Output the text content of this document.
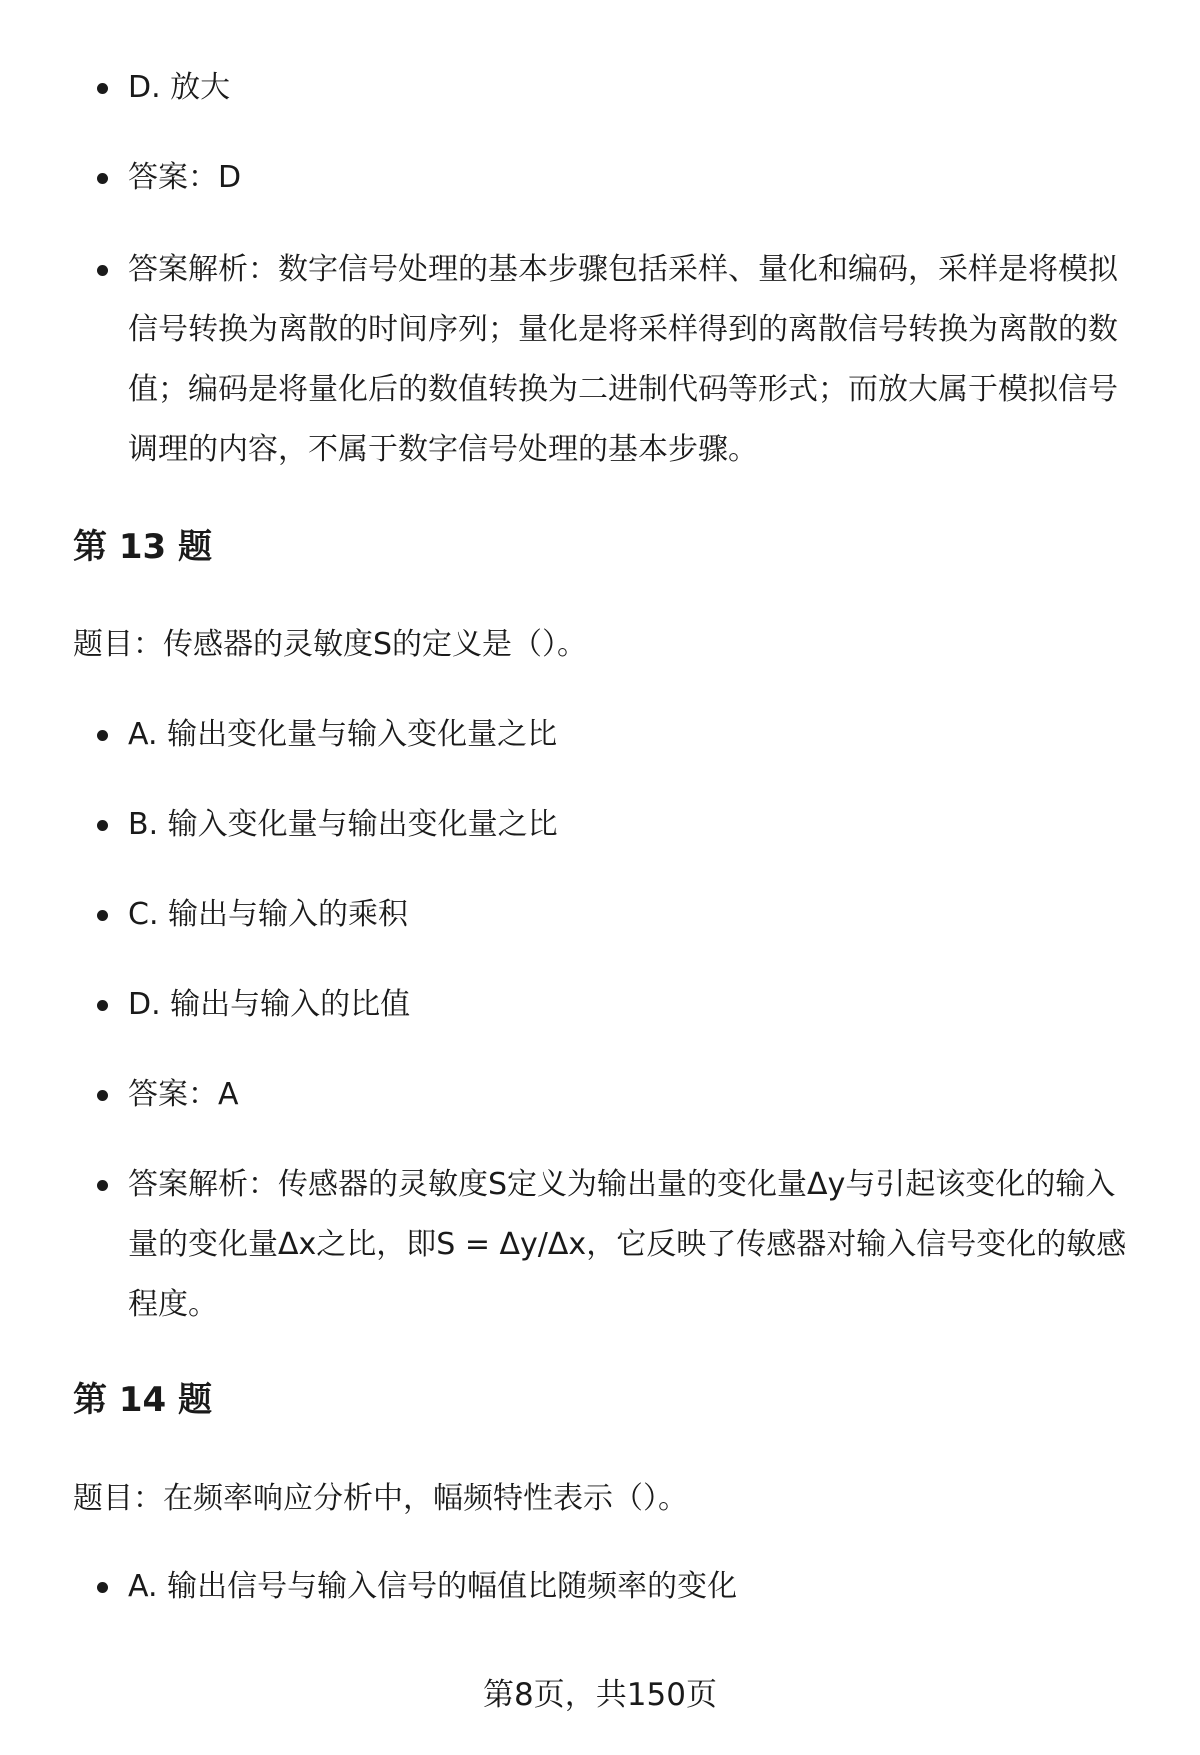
D. 放大
答案：D
答案解析：数字信号处理的基本步骤包括采样、量化和编码，采样是将模拟信号转换为离散的时间序列；量化是将采样得到的离散信号转换为离散的数值；编码是将量化后的数值转换为二进制代码等形式；而放大属于模拟信号调理的内容，不属于数字信号处理的基本步骤。
第 13 题

题目：传感器的灵敏度S的定义是（）。

A. 输出变化量与输入变化量之比
B. 输入变化量与输出变化量之比
C. 输出与输入的乘积
D. 输出与输入的比值
答案：A
答案解析：传感器的灵敏度S定义为输出量的变化量Δy与引起该变化的输入量的变化量Δx之比，即S = Δy/Δx，它反映了传感器对输入信号变化的敏感程度。
第 14 题

题目：在频率响应分析中，幅频特性表示（）。

A. 输出信号与输入信号的幅值比随频率的变化
第8页，共150页
